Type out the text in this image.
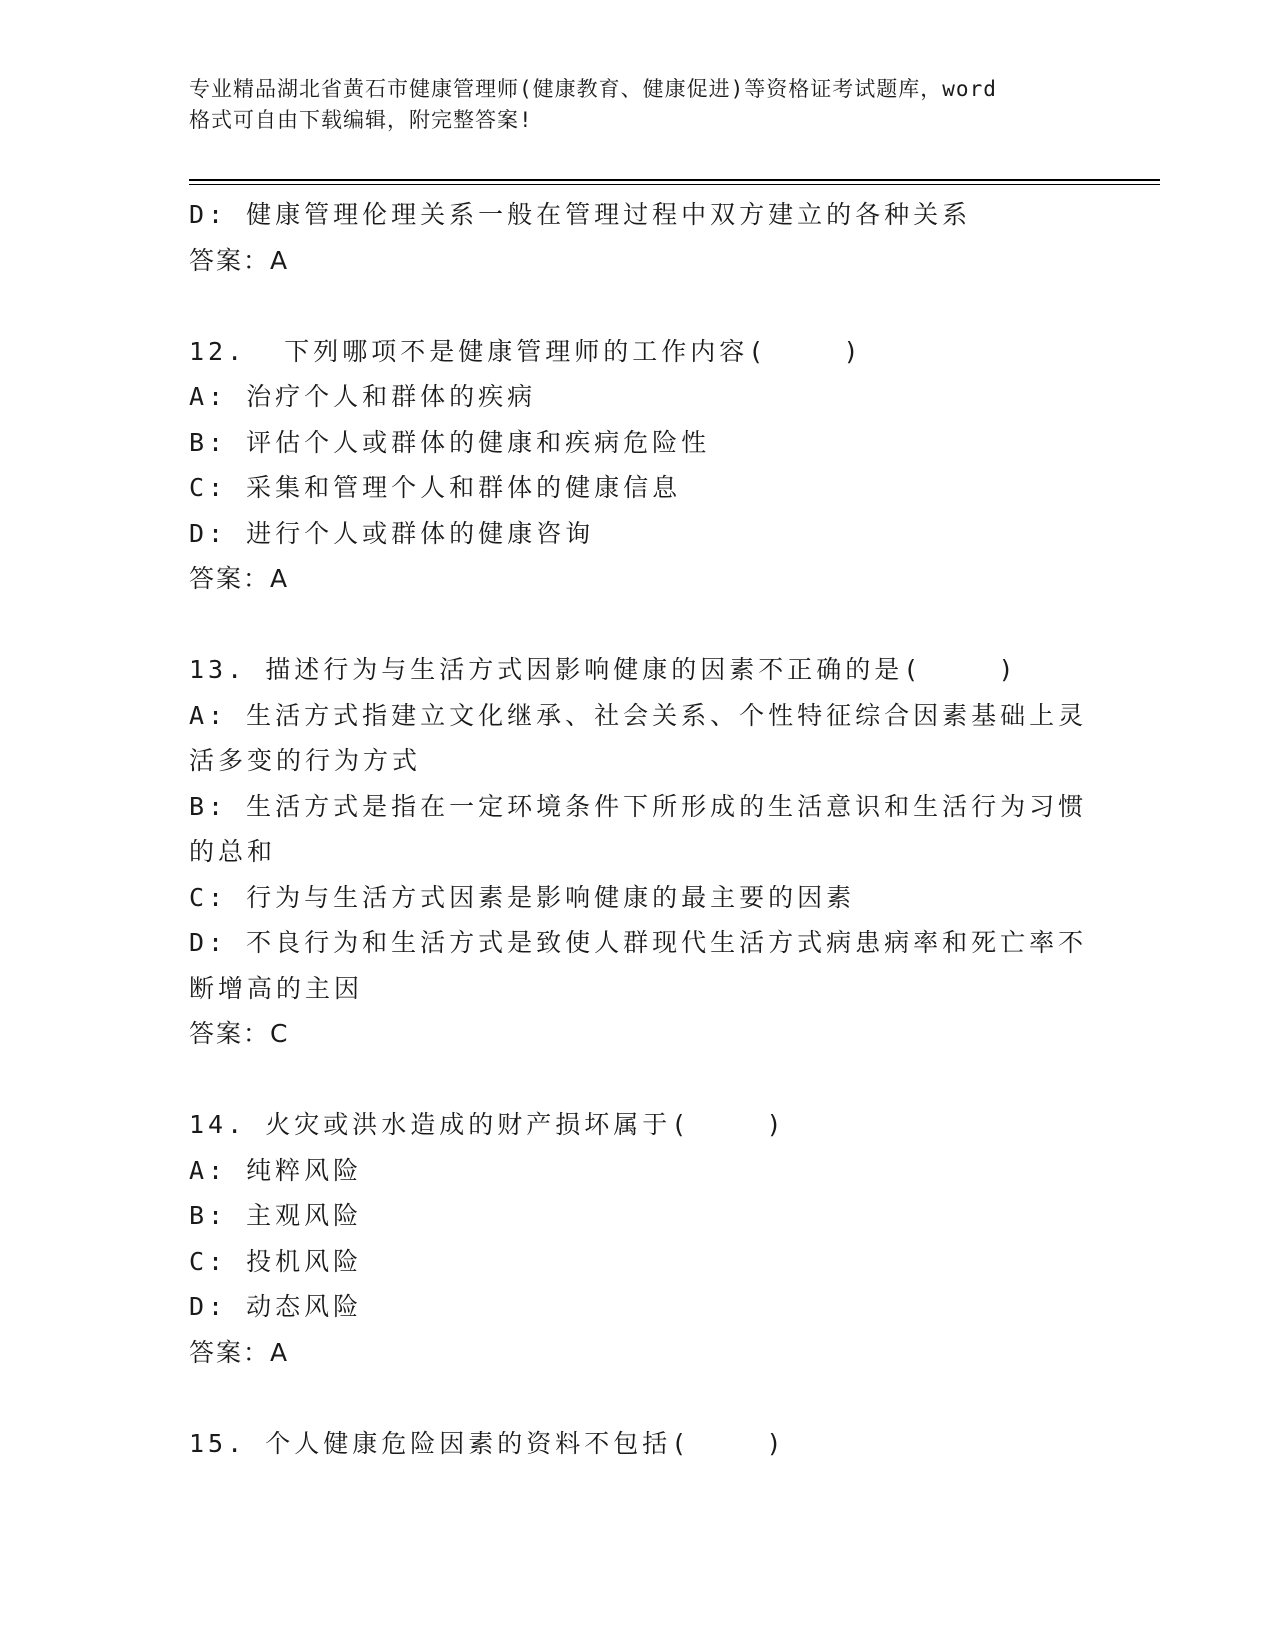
专业精品湖北省黄石市健康管理师(健康教育、健康促进)等资格证考试题库，word
格式可自由下载编辑，附完整答案!
D: 健康管理伦理关系一般在管理过程中双方建立的各种关系
答案：A
12.  下列哪项不是健康管理师的工作内容(    )
A: 治疗个人和群体的疾病
B: 评估个人或群体的健康和疾病危险性
C: 采集和管理个人和群体的健康信息
D: 进行个人或群体的健康咨询
答案：A
13. 描述行为与生活方式因影响健康的因素不正确的是(    )
A: 生活方式指建立文化继承、社会关系、个性特征综合因素基础上灵
活多变的行为方式
B: 生活方式是指在一定环境条件下所形成的生活意识和生活行为习惯
的总和
C: 行为与生活方式因素是影响健康的最主要的因素
D: 不良行为和生活方式是致使人群现代生活方式病患病率和死亡率不
断增高的主因
答案：C
14. 火灾或洪水造成的财产损坏属于(    )
A: 纯粹风险
B: 主观风险
C: 投机风险
D: 动态风险
答案：A
15. 个人健康危险因素的资料不包括(    )
